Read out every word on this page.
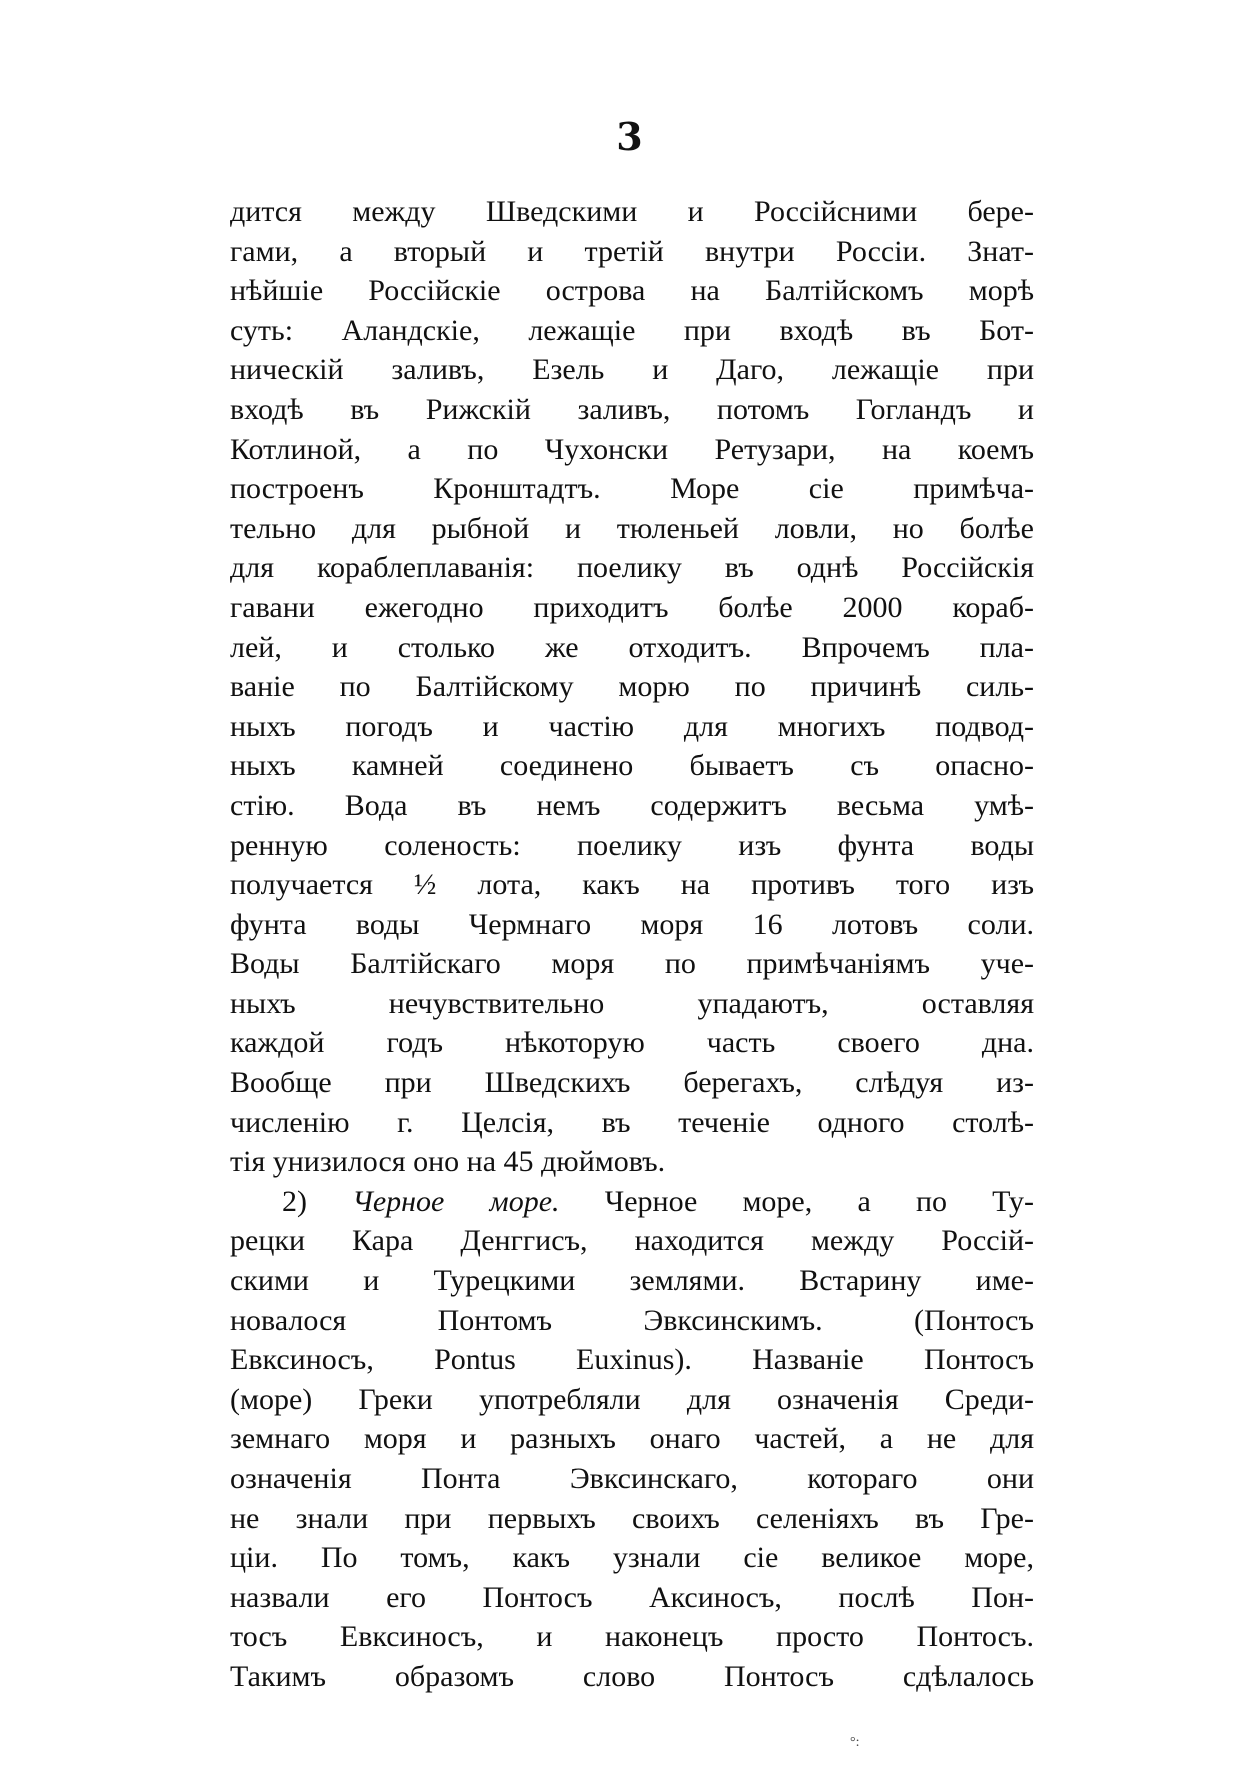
3
дится между Шведскими и Россійсними бере-
гами, а вторый и третій внутри Россіи. Знат-
нѣйшіе Россійскіе острова на Балтійскомъ морѣ
суть: Аландскіе, лежащіе при входѣ въ Бот-
ническій заливъ, Езель и Даго, лежащіе при
входѣ въ Рижскій заливъ, потомъ Гогландъ и
Котлиной, а по Чухонски Ретузари, на коемъ
построенъ Кронштадтъ. Море сіе примѣча-
тельно для рыбной и тюленьей ловли, но болѣе
для кораблеплаванія: поелику въ однѣ Россійскія
гавани ежегодно приходитъ болѣе 2000 кораб-
лей, и столько же отходитъ. Впрочемъ пла-
ваніе по Балтійскому морю по причинѣ силь-
ныхъ погодъ и частію для многихъ подвод-
ныхъ камней соединено бываетъ съ опасно-
стію. Вода въ немъ содержитъ весьма умѣ-
ренную соленость: поелику изъ фунта воды
получается ½ лота, какъ на противъ того изъ
фунта воды Чермнаго моря 16 лотовъ соли.
Воды Балтійскаго моря по примѣчаніямъ уче-
ныхъ нечувствительно упадаютъ, оставляя
каждой годъ нѣкоторую часть своего дна.
Вообще при Шведскихъ берегахъ, слѣдуя из-
численію г. Целсія, въ теченіе одного столѣ-
тія унизилося оно на 45 дюймовъ.
2) Черное море. Черное море, а по Ту-
рецки Кара Денггисъ, находится между Россій-
скими и Турецкими землями. Встарину име-
новалося Понтомъ Эвксинскимъ. (Понтосъ
Евксиносъ, Pontus Euxinus). Названіе Понтосъ
(море) Греки употребляли для означенія Среди-
земнаго моря и разныхъ онаго частей, а не для
означенія Понта Эвксинскаго, котораго они
не знали при первыхъ своихъ селеніяхъ въ Гре-
ціи. По томъ, какъ узнали сіе великое море,
назвали его Понтосъ Аксиносъ, послѣ Пон-
тосъ Евксиносъ, и наконецъ просто Понтосъ.
Такимъ образомъ слово Понтосъ сдѣлалось
°:
